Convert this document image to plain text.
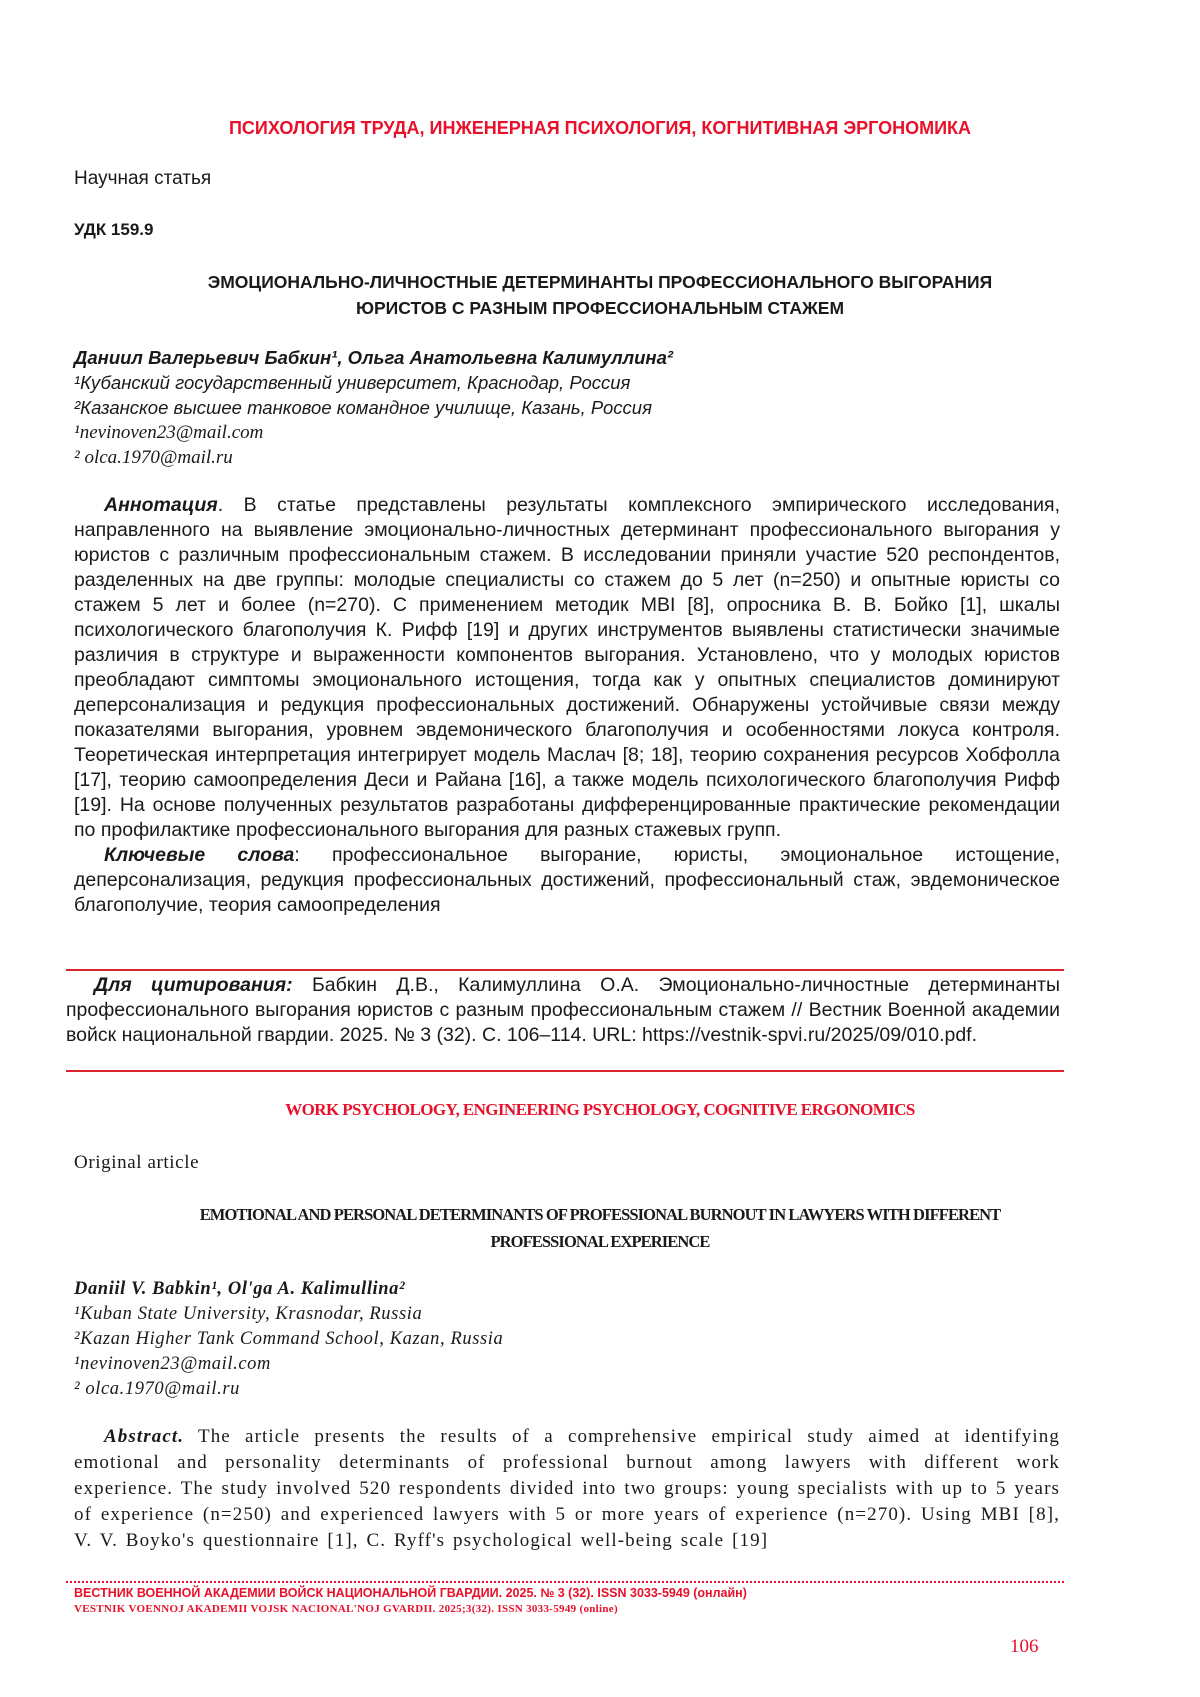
ПСИХОЛОГИЯ ТРУДА, ИНЖЕНЕРНАЯ ПСИХОЛОГИЯ, КОГНИТИВНАЯ ЭРГОНОМИКА
Научная статья
УДК 159.9
ЭМОЦИОНАЛЬНО-ЛИЧНОСТНЫЕ ДЕТЕРМИНАНТЫ ПРОФЕССИОНАЛЬНОГО ВЫГОРАНИЯ
ЮРИСТОВ С РАЗНЫМ ПРОФЕССИОНАЛЬНЫМ СТАЖЕМ
Даниил Валерьевич Бабкин¹, Ольга Анатольевна Калимуллина²
¹Кубанский государственный университет, Краснодар, Россия
²Казанское высшее танковое командное училище, Казань, Россия
¹nevinoven23@mail.com
² olca.1970@mail.ru

Аннотация. В статье представлены результаты комплексного эмпирического исследования, направленного на выявление эмоционально-личностных детерминант профессионального выгорания у юристов с различным профессиональным стажем. В исследовании приняли участие 520 респондентов, разделенных на две группы: молодые специалисты со стажем до 5 лет (n=250) и опытные юристы со стажем 5 лет и более (n=270). С применением методик MBI [8], опросника В. В. Бойко [1], шкалы психологического благополучия К. Рифф [19] и других инструментов выявлены статистически значимые различия в структуре и выраженности компонентов выгорания. Установлено, что у молодых юристов преобладают симптомы эмоционального истощения, тогда как у опытных специалистов доминируют деперсонализация и редукция профессиональных достижений. Обнаружены устойчивые связи между показателями выгорания, уровнем эвдемонического благополучия и особенностями локуса контроля. Теоретическая интерпретация интегрирует модель Маслач [8; 18], теорию сохранения ресурсов Хобфолла [17], теорию самоопределения Деси и Райана [16], а также модель психологического благополучия Рифф [19]. На основе полученных результатов разработаны дифференцированные практические рекомендации по профилактике профессионального выгорания для разных стажевых групп.

Ключевые слова: профессиональное выгорание, юристы, эмоциональное истощение, деперсонализация, редукция профессиональных достижений, профессиональный стаж, эвдемоническое благополучие, теория самоопределения

Для цитирования: Бабкин Д.В., Калимуллина О.А. Эмоционально-личностные детерминанты профессионального выгорания юристов с разным профессиональным стажем // Вестник Военной академии войск национальной гвардии. 2025. № 3 (32). С. 106–114. URL: https://vestnik-spvi.ru/2025/09/010.pdf.

WORK PSYCHOLOGY, ENGINEERING PSYCHOLOGY, COGNITIVE ERGONOMICS
Original article
EMOTIONAL AND PERSONAL DETERMINANTS OF PROFESSIONAL BURNOUT IN LAWYERS WITH DIFFERENT
PROFESSIONAL EXPERIENCE
Daniil V. Babkin¹, Ol'ga A. Kalimullina²
¹Kuban State University, Krasnodar, Russia
²Kazan Higher Tank Command School, Kazan, Russia
¹nevinoven23@mail.com
² olca.1970@mail.ru

Abstract. The article presents the results of a comprehensive empirical study aimed at identifying emotional and personality determinants of professional burnout among lawyers with different work experience. The study involved 520 respondents divided into two groups: young specialists with up to 5 years of experience (n=250) and experienced lawyers with 5 or more years of experience (n=270). Using MBI [8], V. V. Boyko's questionnaire [1], C. Ryff's psychological well-being scale [19]

ВЕСТНИК ВОЕННОЙ АКАДЕМИИ ВОЙСК НАЦИОНАЛЬНОЙ ГВАРДИИ. 2025. № 3 (32). ISSN 3033-5949 (онлайн)
VESTNIK VOENNOJ AKADEMII VOJSK NACIONAL'NOJ GVARDII. 2025;3(32). ISSN 3033-5949 (online)
106
